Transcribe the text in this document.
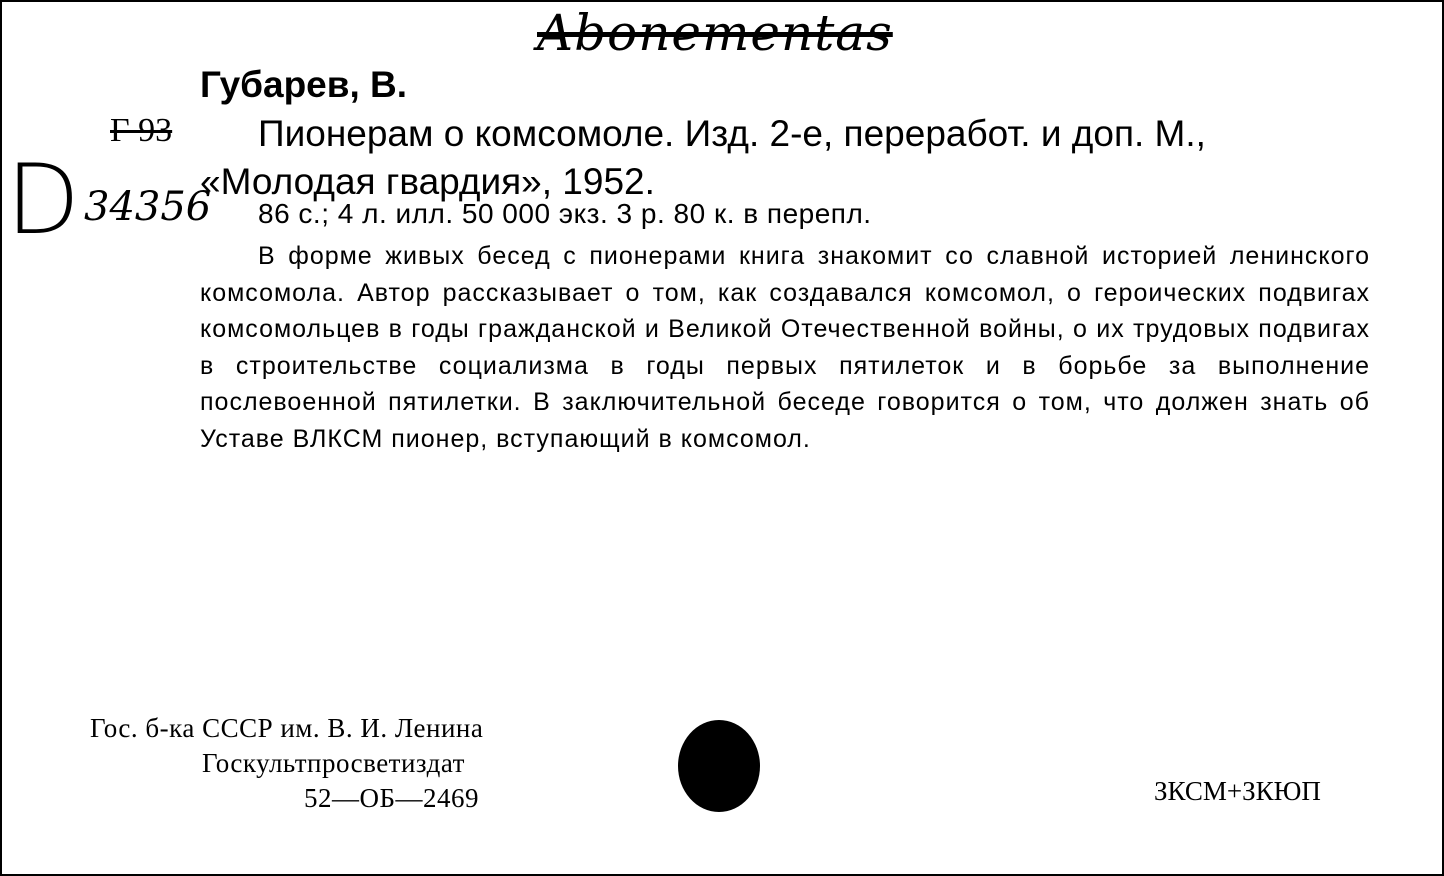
Abonementas
Г 93
D 34356
Губарев, В.
Пионерам о комсомоле. Изд. 2-е, переработ. и доп. М., «Молодая гвардия», 1952.
86 с.; 4 л. илл. 50 000 экз. 3 р. 80 к. в перепл.
В форме живых бесед с пионерами книга знакомит со славной историей ленинского комсомола. Автор рассказывает о том, как создавался комсомол, о героических подвигах комсомольцев в годы гражданской и Великой Отечественной войны, о их трудовых подвигах в строительстве социализма в годы первых пятилеток и в борьбе за выполнение послевоенной пятилетки. В заключительной беседе говорится о том, что должен знать об Уставе ВЛКСМ пионер, вступающий в комсомол.
Гос. б-ка СССР им. В. И. Ленина
Госкультпросветиздат
52—ОБ—2469	ЗКСМ+ЗКЮП
